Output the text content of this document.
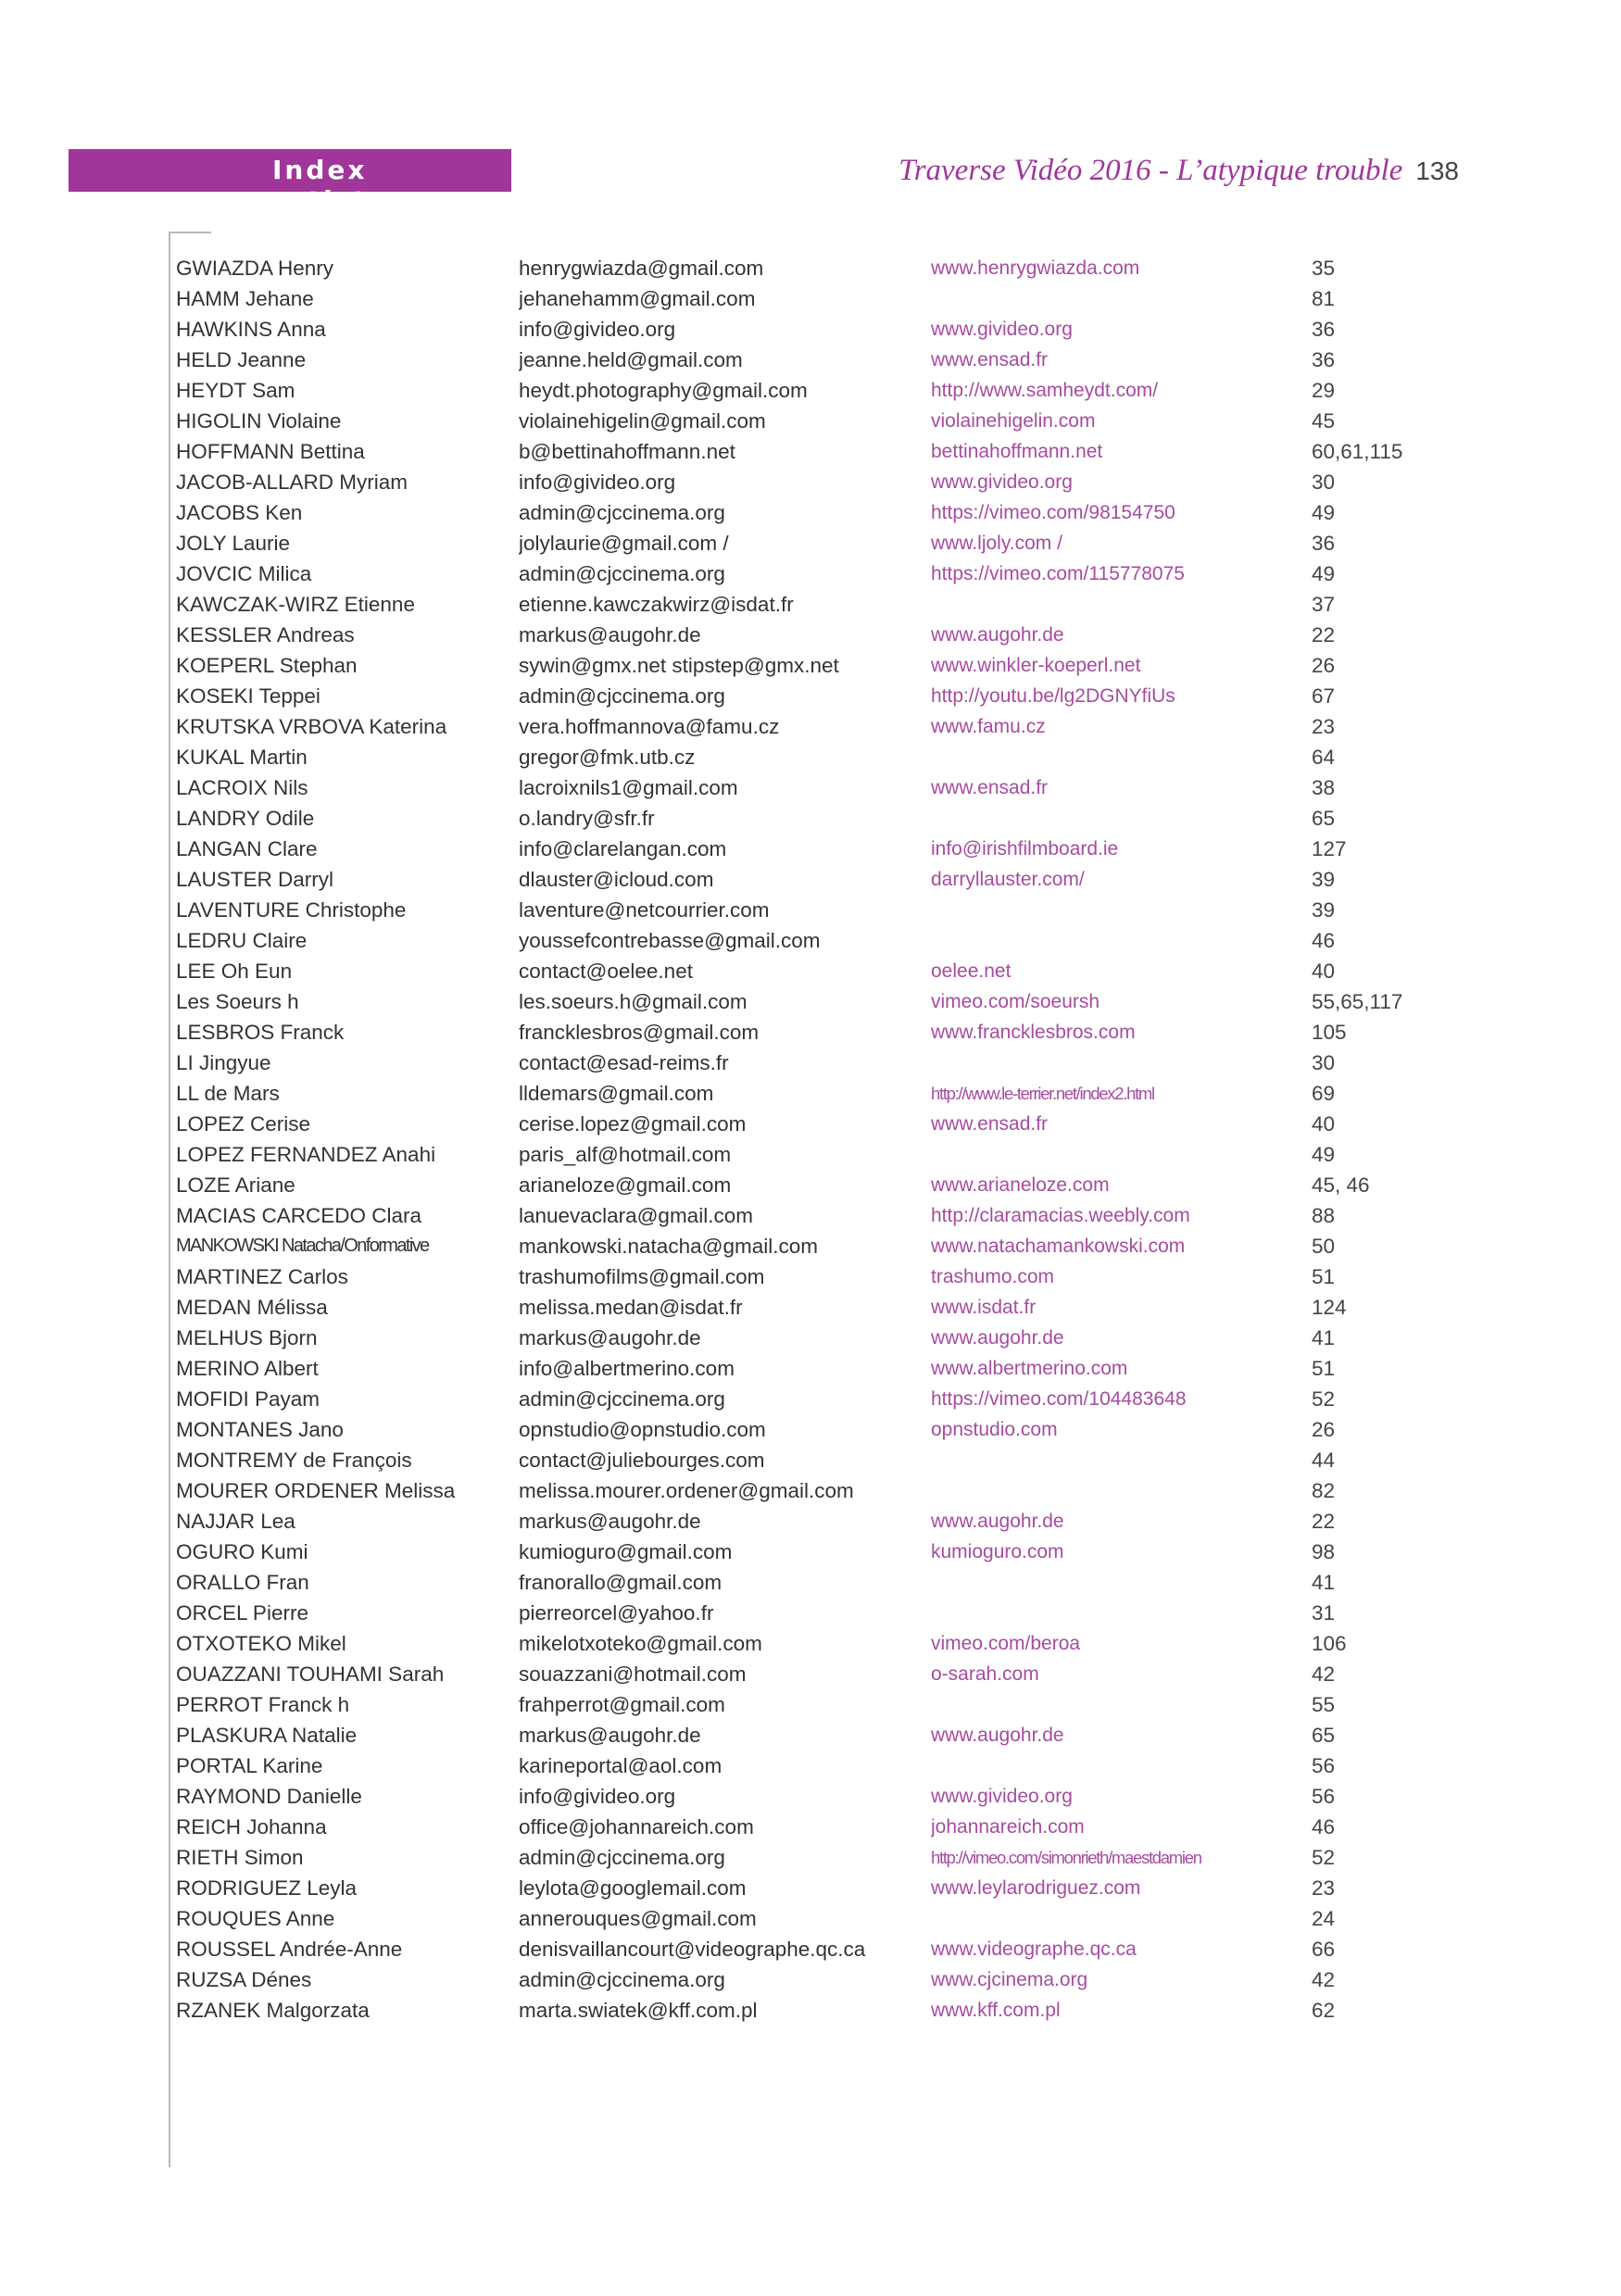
Index artistes
Traverse Vidéo 2016 - L’atypique trouble 138
GWIAZDA Henry	henrygwiazda@gmail.com	www.henrygwiazda.com	35
HAMM Jehane	jehanehamm@gmail.com	81
HAWKINS Anna	info@givideo.org	www.givideo.org	36
HELD Jeanne	jeanne.held@gmail.com	www.ensad.fr	36
HEYDT Sam	heydt.photography@gmail.com	http://www.samheydt.com/	29
HIGOLIN Violaine	violainehigelin@gmail.com	violainehigelin.com	45
HOFFMANN Bettina	b@bettinahoffmann.net	bettinahoffmann.net	60,61,115
JACOB-ALLARD Myriam	info@givideo.org	www.givideo.org	30
JACOBS Ken	admin@cjccinema.org	https://vimeo.com/98154750	49
JOLY Laurie	jolylaurie@gmail.com /	www.ljoly.com /	36
JOVCIC Milica	admin@cjccinema.org	https://vimeo.com/115778075	49
KAWCZAK-WIRZ Etienne	etienne.kawczakwirz@isdat.fr	37
KESSLER Andreas	markus@augohr.de	www.augohr.de	22
KOEPERL Stephan	sywin@gmx.net stipstep@gmx.net	www.winkler-koeperl.net	26
KOSEKI Teppei	admin@cjccinema.org	http://youtu.be/lg2DGNYfiUs	67
KRUTSKA VRBOVA Katerina	vera.hoffmannova@famu.cz	www.famu.cz	23
KUKAL Martin	gregor@fmk.utb.cz	64
LACROIX Nils	lacroixnils1@gmail.com	www.ensad.fr	38
LANDRY Odile	o.landry@sfr.fr	65
LANGAN Clare	info@clarelangan.com	info@irishfilmboard.ie	127
LAUSTER Darryl	dlauster@icloud.com	darryllauster.com/	39
LAVENTURE Christophe	laventure@netcourrier.com	39
LEDRU Claire	youssefcontrebasse@gmail.com	46
LEE Oh Eun	contact@oelee.net	oelee.net	40
Les Soeurs h	les.soeurs.h@gmail.com	vimeo.com/soeursh	55,65,117
LESBROS Franck	francklesbros@gmail.com	www.francklesbros.com	105
LI Jingyue	contact@esad-reims.fr	30
LL de Mars	lldemars@gmail.com	http://www.le-terrier.net/index2.html	69
LOPEZ Cerise	cerise.lopez@gmail.com	www.ensad.fr	40
LOPEZ FERNANDEZ Anahi	paris_alf@hotmail.com	49
LOZE Ariane	arianeloze@gmail.com	www.arianeloze.com	45, 46
MACIAS CARCEDO Clara	lanuevaclara@gmail.com	http://claramacias.weebly.com	88
MANKOWSKI Natacha/Onformative	mankowski.natacha@gmail.com	www.natachamankowski.com	50
MARTINEZ Carlos	trashumofilms@gmail.com	trashumo.com	51
MEDAN Mélissa	melissa.medan@isdat.fr	www.isdat.fr	124
MELHUS Bjorn	markus@augohr.de	www.augohr.de	41
MERINO Albert	info@albertmerino.com	www.albertmerino.com	51
MOFIDI Payam	admin@cjccinema.org	https://vimeo.com/104483648	52
MONTANES Jano	opnstudio@opnstudio.com	opnstudio.com	26
MONTREMY de François	contact@juliebourges.com	44
MOURER ORDENER Melissa	melissa.mourer.ordener@gmail.com	82
NAJJAR Lea	markus@augohr.de	www.augohr.de	22
OGURO Kumi	kumioguro@gmail.com	kumioguro.com	98
ORALLO Fran	franorallo@gmail.com	41
ORCEL Pierre	pierreorcel@yahoo.fr	31
OTXOTEKO Mikel	mikelotxoteko@gmail.com	vimeo.com/beroa	106
OUAZZANI TOUHAMI Sarah	souazzani@hotmail.com	o-sarah.com	42
PERROT Franck h	frahperrot@gmail.com	55
PLASKURA Natalie	markus@augohr.de	www.augohr.de	65
PORTAL Karine	karineportal@aol.com	56
RAYMOND Danielle	info@givideo.org	www.givideo.org	56
REICH Johanna	office@johannareich.com	johannareich.com	46
RIETH Simon	admin@cjccinema.org	http://vimeo.com/simonrieth/maestdamien	52
RODRIGUEZ Leyla	leylota@googlemail.com	www.leylarodriguez.com	23
ROUQUES Anne	annerouques@gmail.com	24
ROUSSEL Andrée-Anne	denisvaillancourt@videographe.qc.ca	www.videographe.qc.ca	66
RUZSA Dénes	admin@cjccinema.org	www.cjcinema.org	42
RZANEK Malgorzata	marta.swiatek@kff.com.pl	www.kff.com.pl	62
